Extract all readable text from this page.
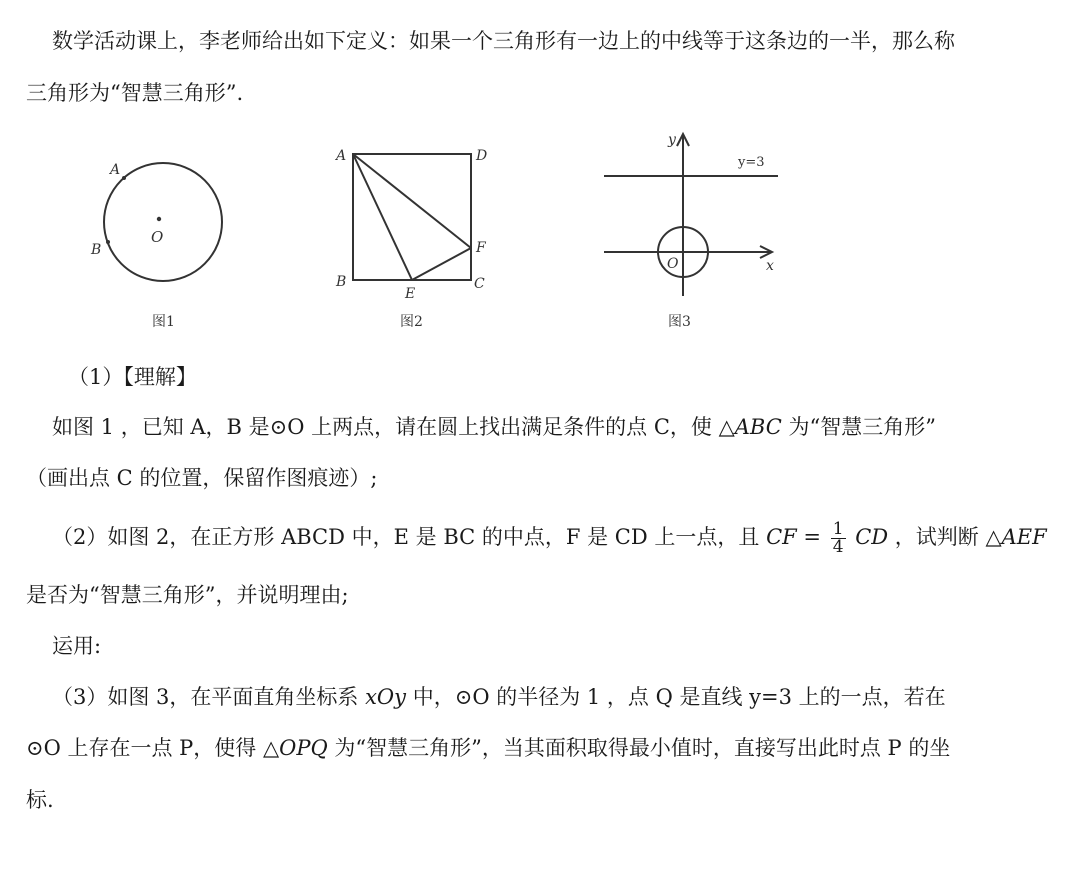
数学活动课上，李老师给出如下定义：如果一个三角形有一边上的中线等于这条边的一半，那么称
三角形为“智慧三角形”.
A
B
O
图1
A	D
B
E
C
F
图2
y
x
O
y=3
图3
（1）【理解】
如图 1 ，已知 A，B 是⊙O 上两点，请在圆上找出满足条件的点 C，使 △ABC 为“智慧三角形”
（画出点 C 的位置，保留作图痕迹）;
（2）如图 2，在正方形 ABCD 中，E 是 BC 的中点，F 是 CD 上一点，且 CF = $\frac{1}{4}$ CD ，试判断 △AEF
是否为“智慧三角形”，并说明理由;
运用:
（3）如图 3，在平面直角坐标系 xOy 中，⊙O 的半径为 1 ，点 Q 是直线 y=3 上的一点，若在
⊙O 上存在一点 P，使得 △OPQ 为“智慧三角形”，当其面积取得最小值时，直接写出此时点 P 的坐
标.
